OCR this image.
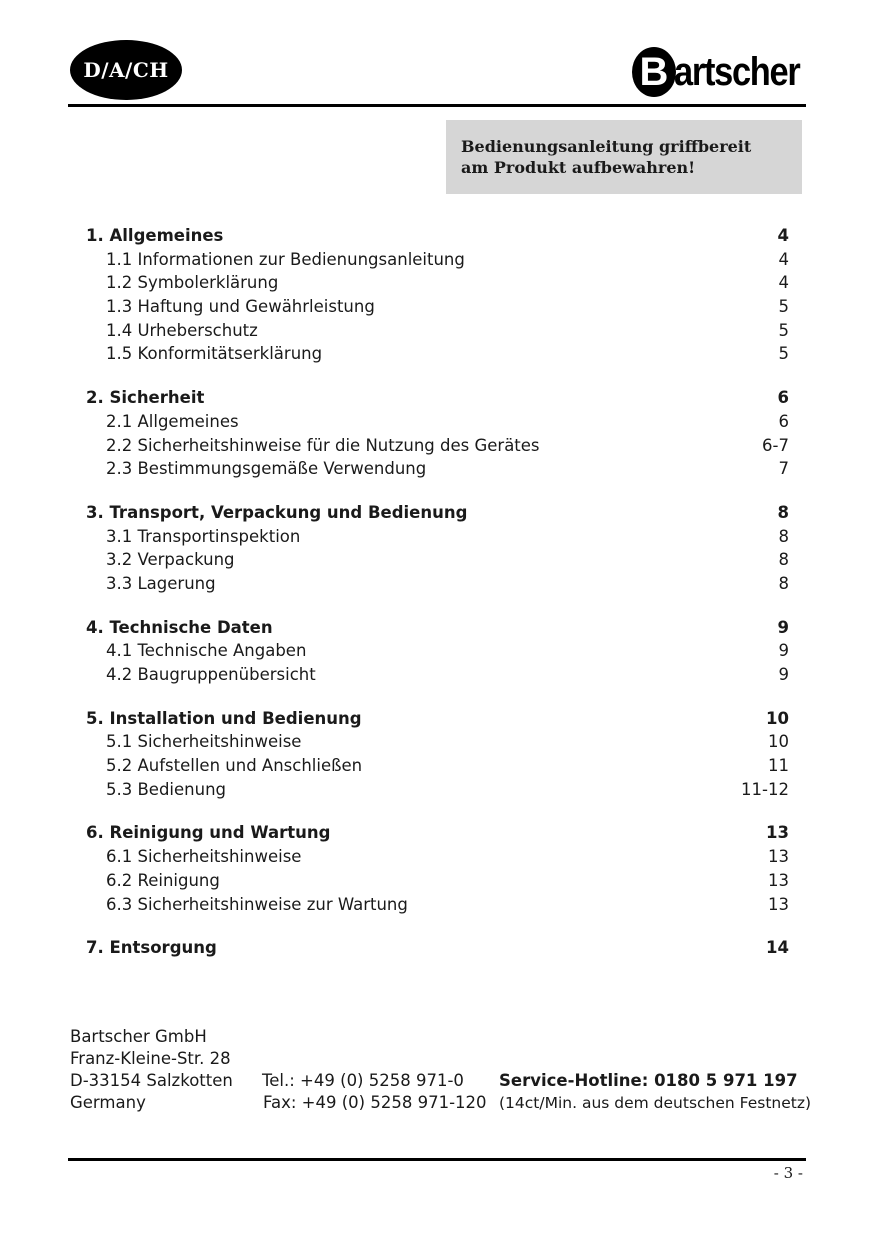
D/A/CH	B artscher
Bedienungsanleitung griffbereit
am Produkt aufbewahren!
1. Allgemeines	4
1.1 Informationen zur Bedienungsanleitung	4
1.2 Symbolerklärung	4
1.3 Haftung und Gewährleistung	5
1.4 Urheberschutz	5
1.5 Konformitätserklärung	5
2. Sicherheit	6
2.1 Allgemeines	6
2.2 Sicherheitshinweise für die Nutzung des Gerätes	6-7
2.3 Bestimmungsgemäße Verwendung	7
3. Transport, Verpackung und Bedienung	8
3.1 Transportinspektion	8
3.2 Verpackung	8
3.3 Lagerung	8
4. Technische Daten	9
4.1 Technische Angaben	9
4.2 Baugruppenübersicht	9
5. Installation und Bedienung	10
5.1 Sicherheitshinweise	10
5.2 Aufstellen und Anschließen	11
5.3 Bedienung	11-12
6. Reinigung und Wartung	13
6.1 Sicherheitshinweise	13
6.2 Reinigung	13
6.3 Sicherheitshinweise zur Wartung	13
7. Entsorgung	14
Bartscher GmbH
Franz-Kleine-Str. 28
D-33154 Salzkotten
Germany
Tel.: +49 (0) 5258 971-0
Fax: +49 (0) 5258 971-120
Service-Hotline: 0180 5 971 197
(14ct/Min. aus dem deutschen Festnetz)
- 3 -
